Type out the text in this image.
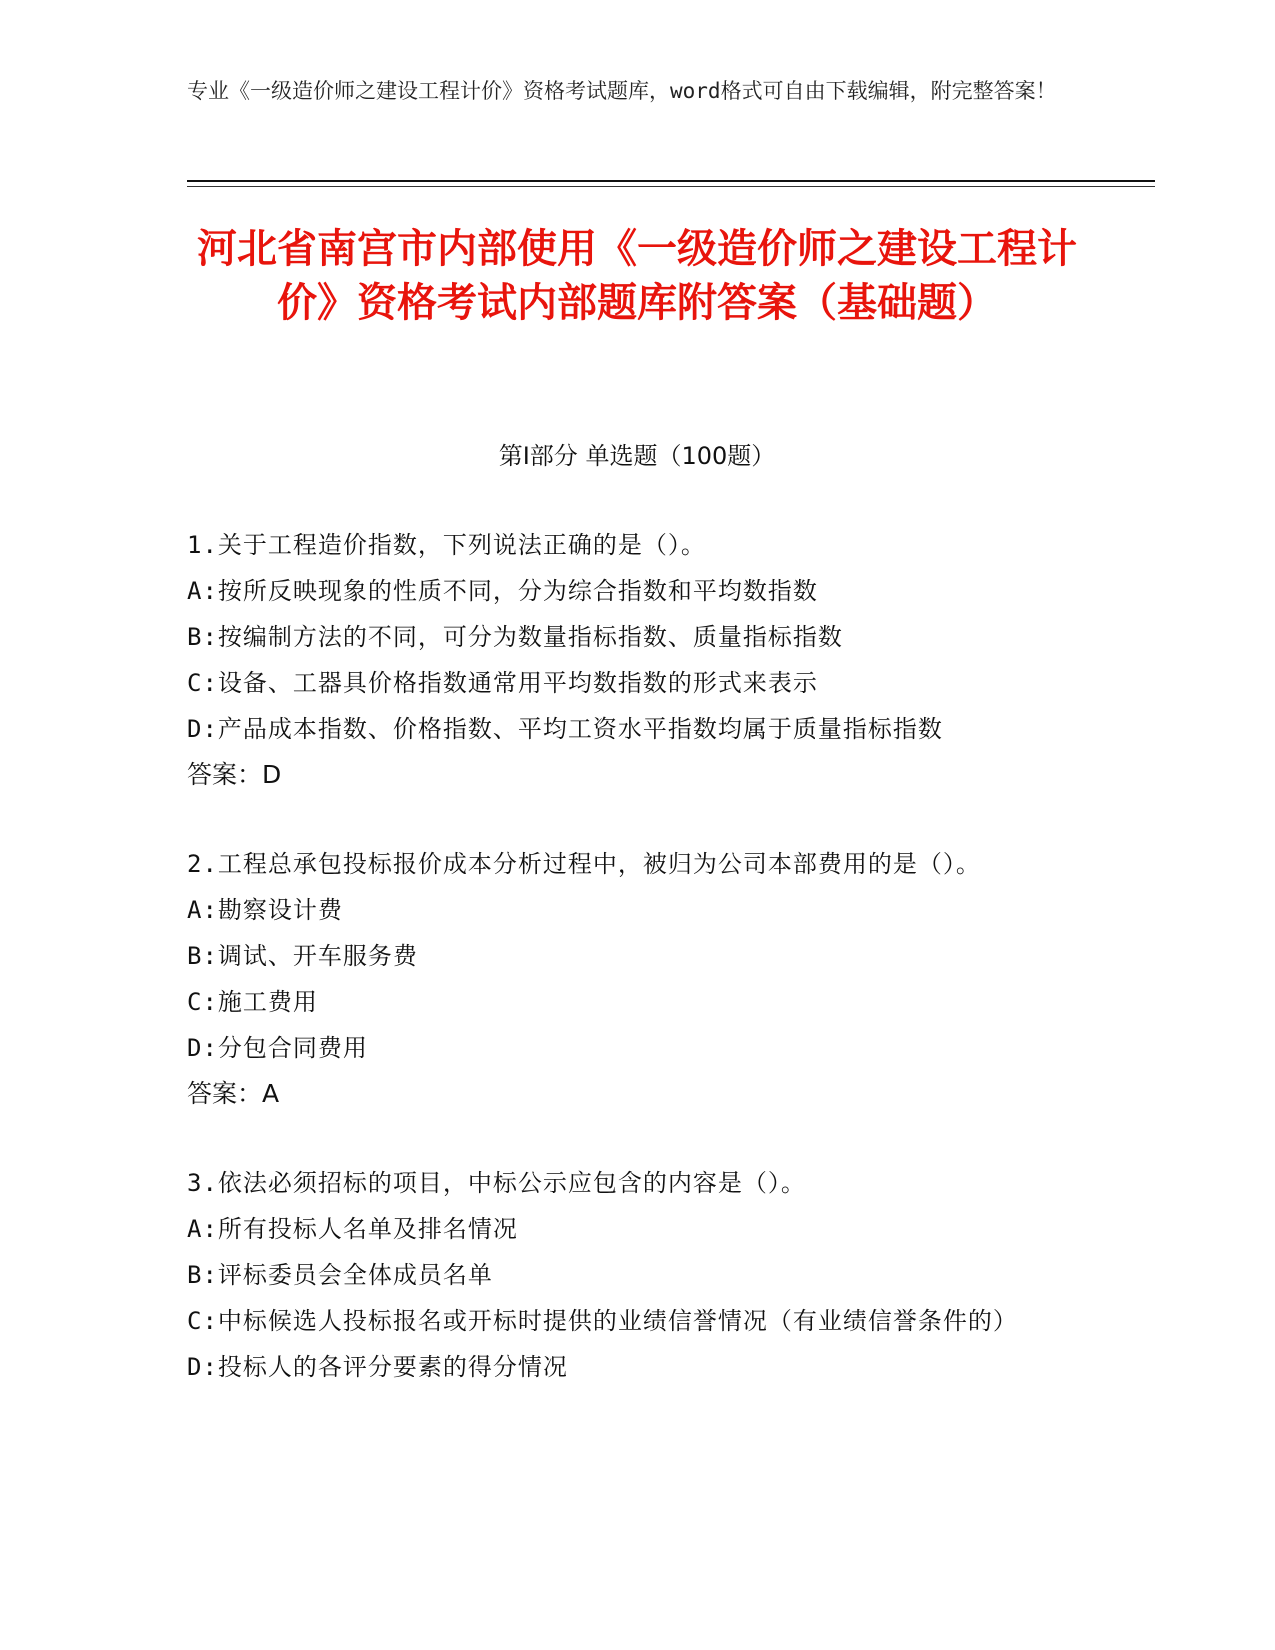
专业《一级造价师之建设工程计价》资格考试题库，word格式可自由下载编辑，附完整答案！
河北省南宫市内部使用《一级造价师之建设工程计价》资格考试内部题库附答案（基础题）
第I部分 单选题（100题）

1.关于工程造价指数，下列说法正确的是（）。

A:按所反映现象的性质不同，分为综合指数和平均数指数

B:按编制方法的不同，可分为数量指标指数、质量指标指数

C:设备、工器具价格指数通常用平均数指数的形式来表示

D:产品成本指数、价格指数、平均工资水平指数均属于质量指标指数

答案：D

2.工程总承包投标报价成本分析过程中，被归为公司本部费用的是（）。

A:勘察设计费

B:调试、开车服务费

C:施工费用

D:分包合同费用

答案：A

3.依法必须招标的项目，中标公示应包含的内容是（）。

A:所有投标人名单及排名情况

B:评标委员会全体成员名单

C:中标候选人投标报名或开标时提供的业绩信誉情况（有业绩信誉条件的）

D:投标人的各评分要素的得分情况
